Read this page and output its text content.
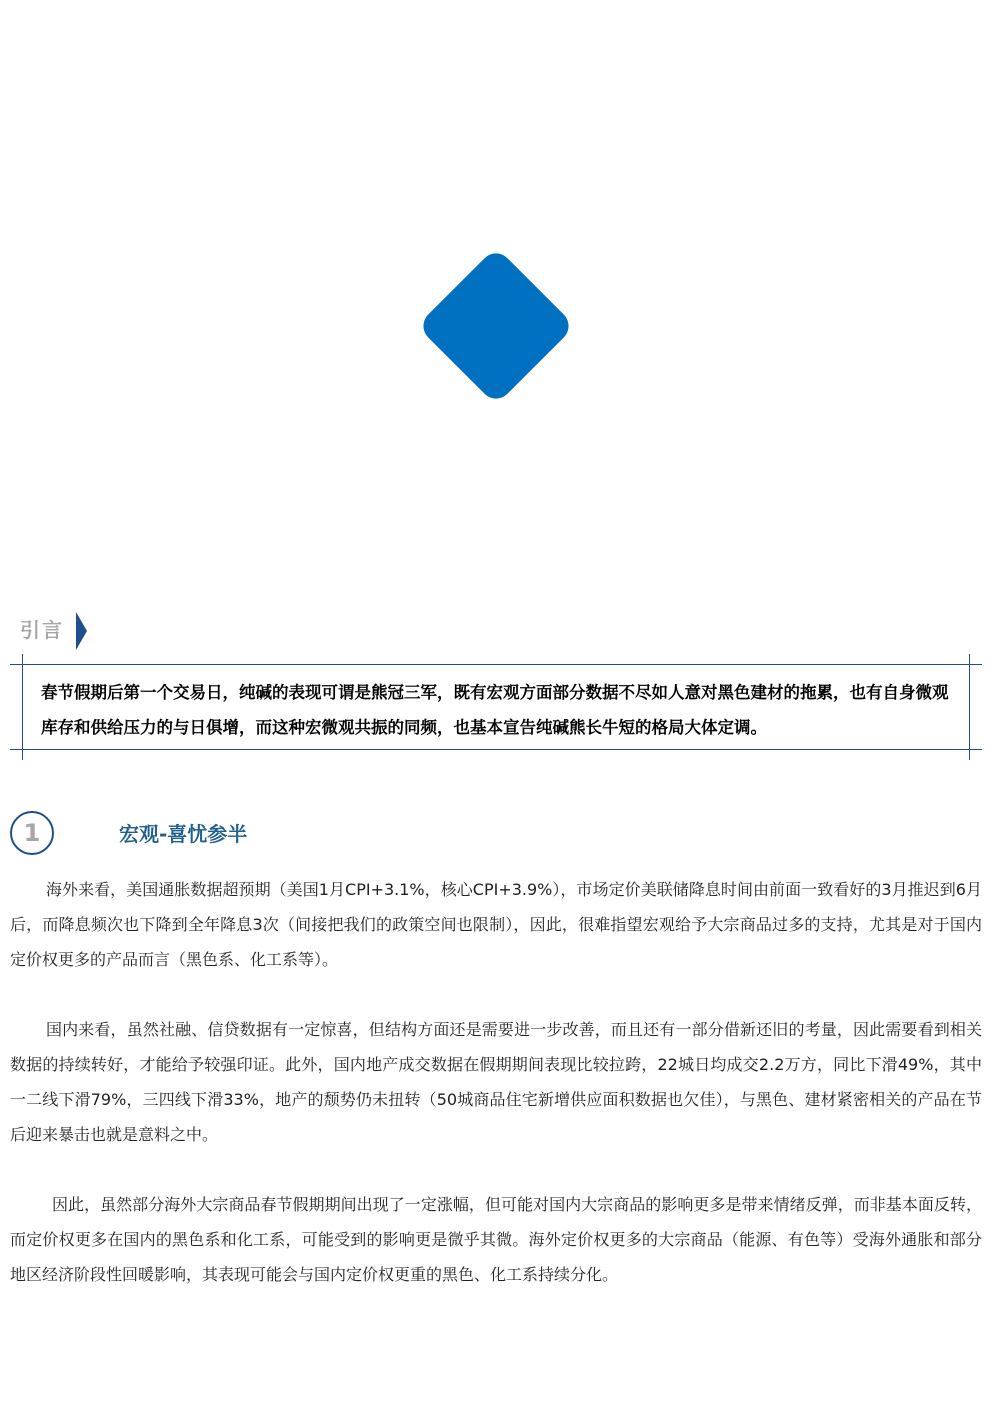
引言
春节假期后第一个交易日，纯碱的表现可谓是熊冠三军，既有宏观方面部分数据不尽如人意对黑色建材的拖累，也有自身微观库存和供给压力的与日俱增，而这种宏微观共振的同频，也基本宣告纯碱熊长牛短的格局大体定调。
1	宏观-喜忧参半

海外来看，美国通胀数据超预期（美国1月CPI+3.1%，核心CPI+3.9%），市场定价美联储降息时间由前面一致看好的3月推迟到6月后，而降息频次也下降到全年降息3次（间接把我们的政策空间也限制），因此，很难指望宏观给予大宗商品过多的支持，尤其是对于国内定价权更多的产品而言（黑色系、化工系等）。

国内来看，虽然社融、信贷数据有一定惊喜，但结构方面还是需要进一步改善，而且还有一部分借新还旧的考量，因此需要看到相关数据的持续转好，才能给予较强印证。此外，国内地产成交数据在假期期间表现比较拉跨，22城日均成交2.2万方，同比下滑49%，其中一二线下滑79%，三四线下滑33%，地产的颓势仍未扭转（50城商品住宅新增供应面积数据也欠佳），与黑色、建材紧密相关的产品在节后迎来暴击也就是意料之中。

因此，虽然部分海外大宗商品春节假期期间出现了一定涨幅，但可能对国内大宗商品的影响更多是带来情绪反弹，而非基本面反转，而定价权更多在国内的黑色系和化工系，可能受到的影响更是微乎其微。海外定价权更多的大宗商品（能源、有色等）受海外通胀和部分地区经济阶段性回暖影响，其表现可能会与国内定价权更重的黑色、化工系持续分化。
